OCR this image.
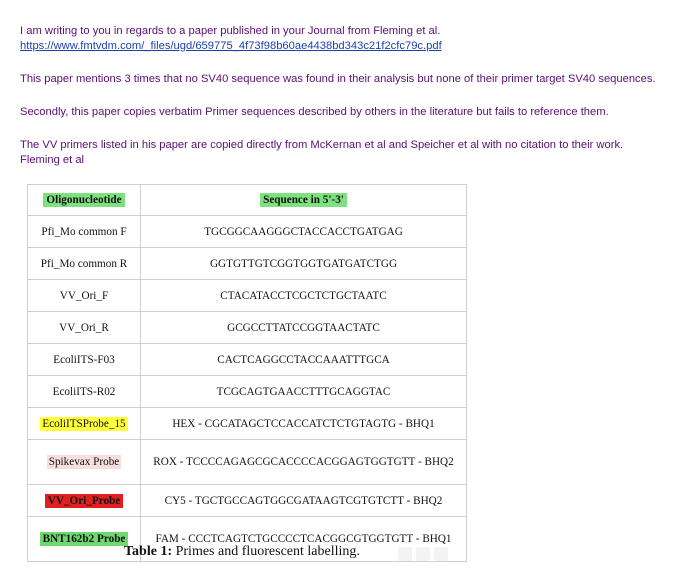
I am writing to you in regards to a paper published in your Journal from Fleming et al.

https://www.fmtvdm.com/_files/ugd/659775_4f73f98b60ae4438bd343c21f2cfc79c.pdf

This paper mentions 3 times that no SV40 sequence was found in their analysis but none of their primer target SV40 sequences.

Secondly, this paper copies verbatim Primer sequences described by others in the literature but fails to reference them.

The VV primers listed in his paper are copied directly from McKernan et al and Speicher et al with no citation to their work. Fleming et al

Oligonucleotide	Sequence in 5'-3'
Pfi_Mo common F	TGCGGCAAGGGCTACCACCTGATGAG
Pfi_Mo common R	GGTGTTGTCGGTGGTGATGATCTGG
VV_Ori_F	CTACATACCTCGCTCTGCTAATC
VV_Ori_R	GCGCCTTATCCGGTAACTATC
EcoliITS-F03	CACTCAGGCCTACCAAATTTGCA
EcoliITS-R02	TCGCAGTGAACCTTTGCAGGTAC
EcoliITSProbe_15	HEX - CGCATAGCTCCACCATCTCTGTAGTG - BHQ1
Spikevax Probe	ROX - TCCCCAGAGCGCACCCCACGGAGTGGTGTT - BHQ2
VV_Ori_Probe	CY5 - TGCTGCCAGTGGCGATAAGTCGTGTCTT - BHQ2
BNT162b2 Probe	FAM - CCCTCAGTCTGCCCCTCACGGCGTGGTGTT - BHQ1
Table 1: Primes and fluorescent labelling.
